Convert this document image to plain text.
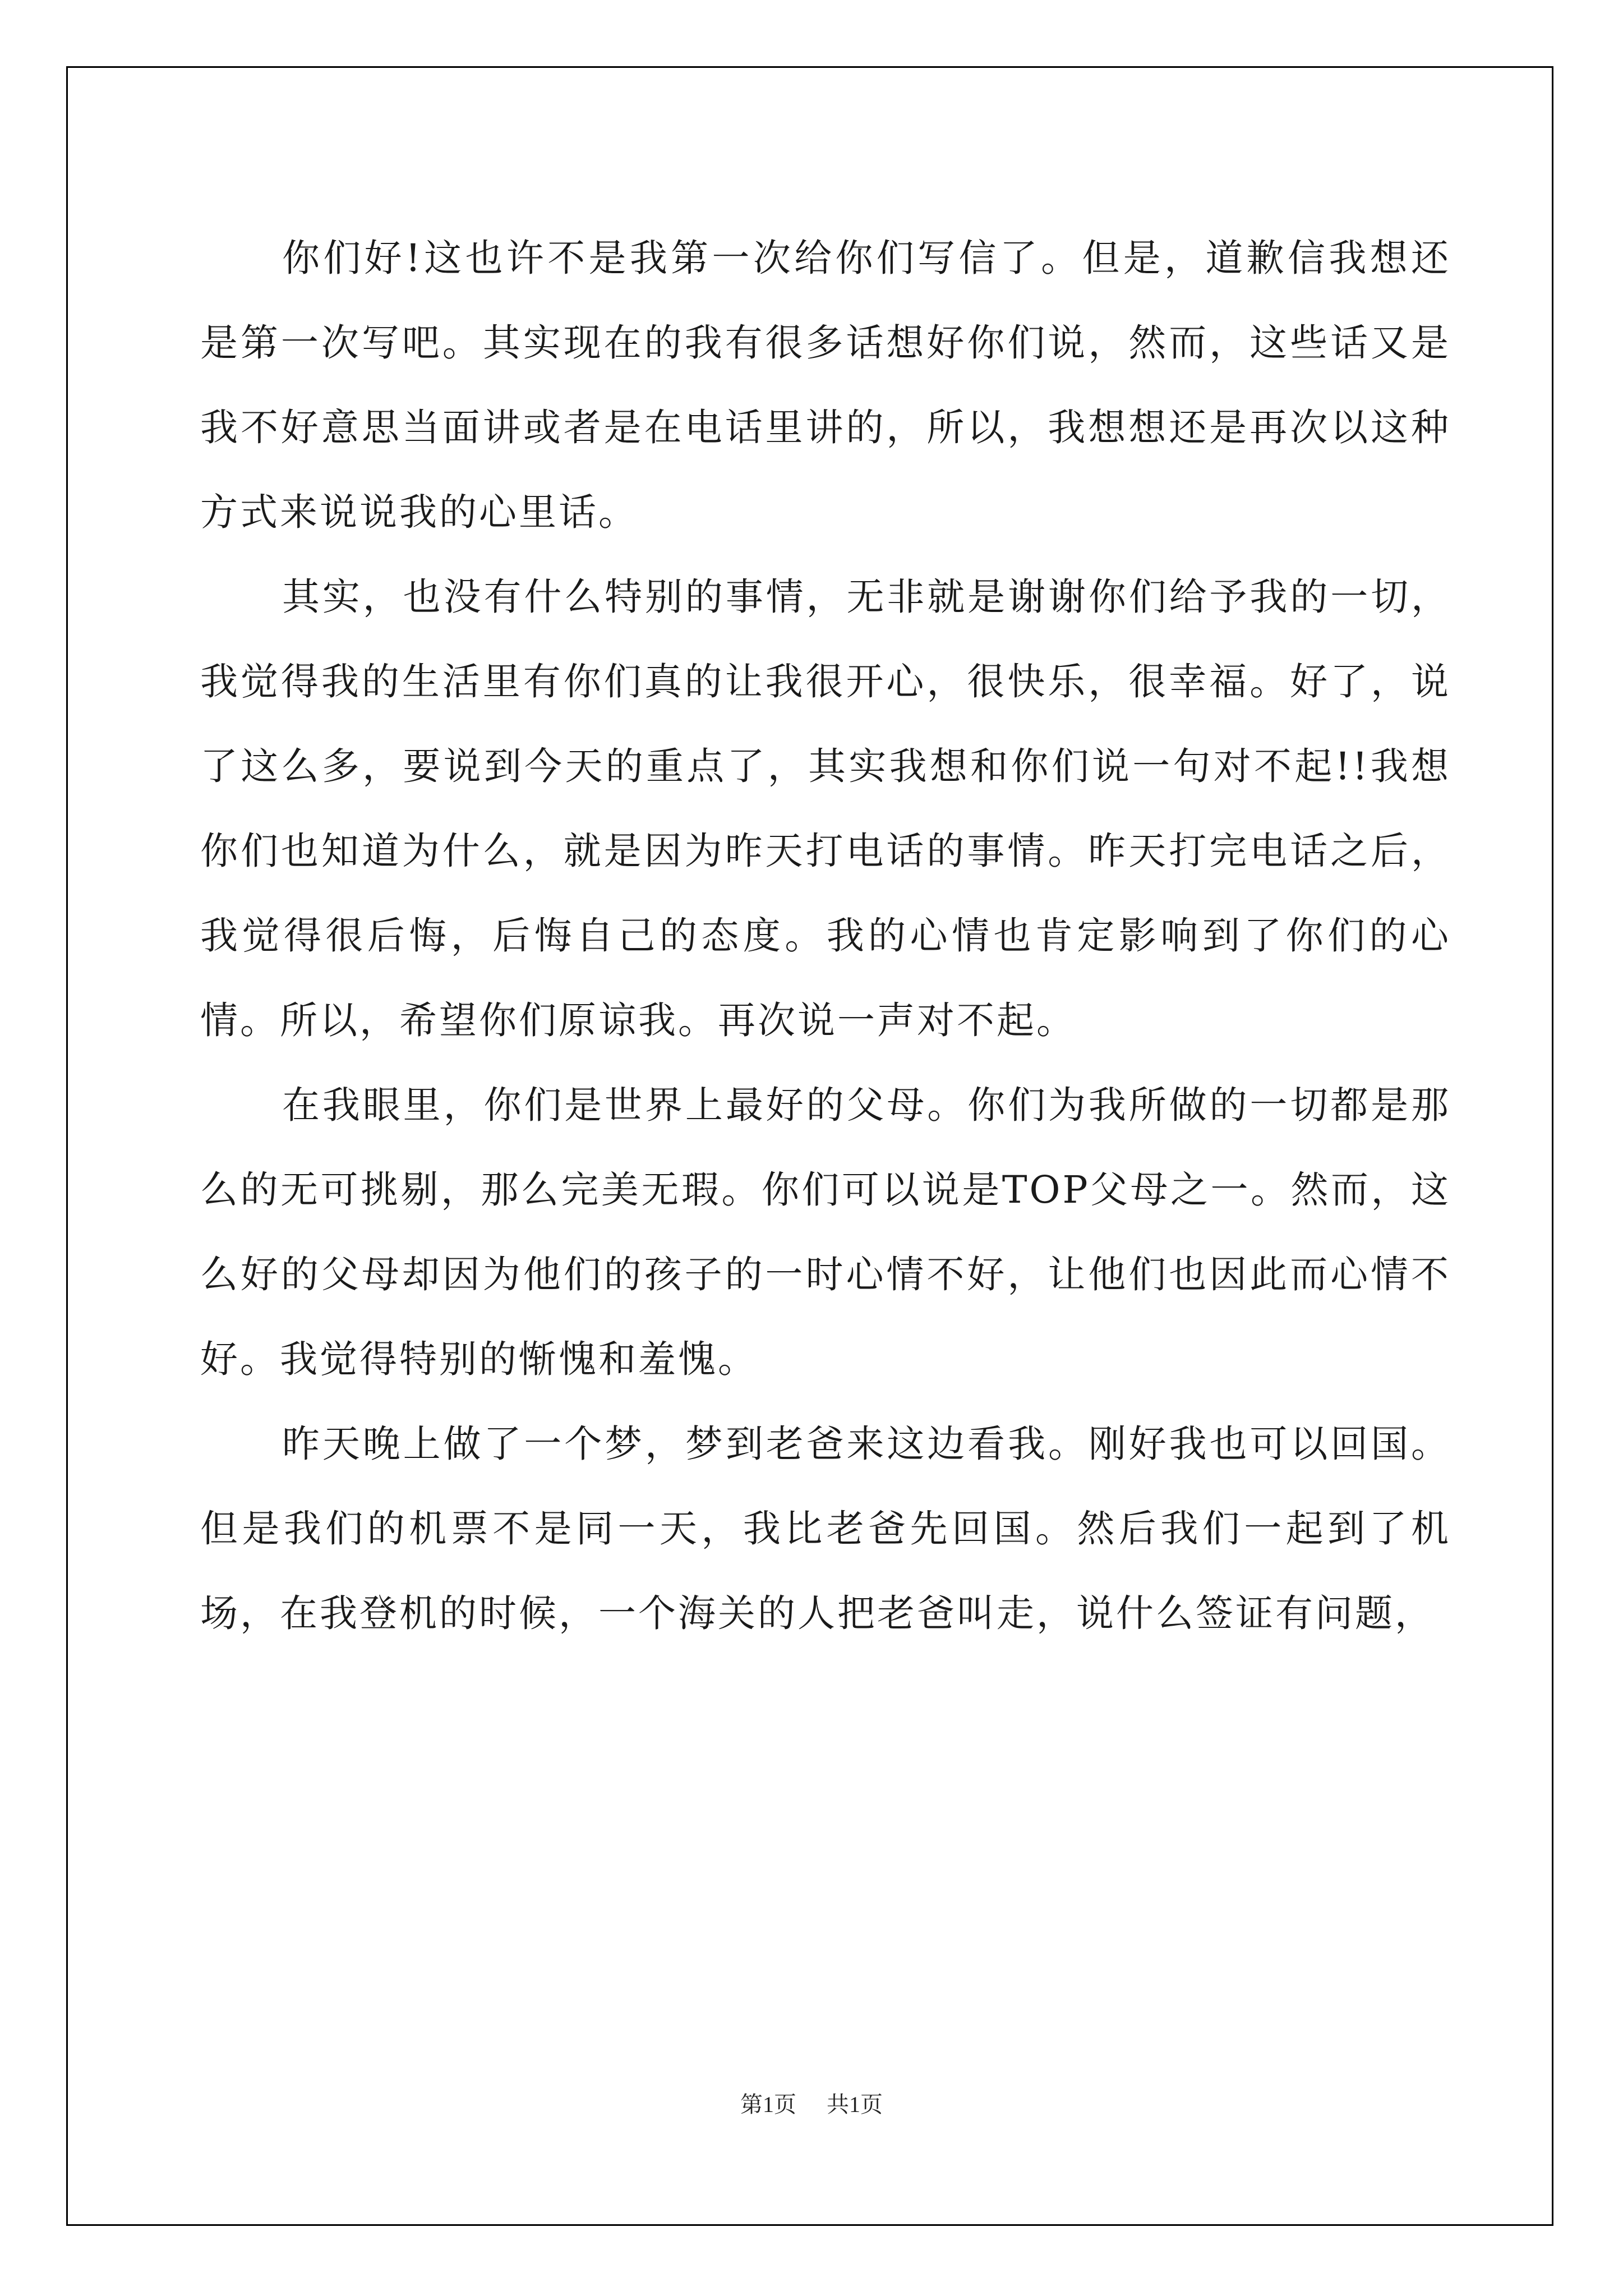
你们好!这也许不是我第一次给你们写信了。但是，道歉信我想还是第一次写吧。其实现在的我有很多话想好你们说，然而，这些话又是我不好意思当面讲或者是在电话里讲的，所以，我想想还是再次以这种方式来说说我的心里话。

其实，也没有什么特别的事情，无非就是谢谢你们给予我的一切，我觉得我的生活里有你们真的让我很开心，很快乐，很幸福。好了，说了这么多，要说到今天的重点了，其实我想和你们说一句对不起!!我想你们也知道为什么，就是因为昨天打电话的事情。昨天打完电话之后，我觉得很后悔，后悔自己的态度。我的心情也肯定影响到了你们的心情。所以，希望你们原谅我。再次说一声对不起。

在我眼里，你们是世界上最好的父母。你们为我所做的一切都是那么的无可挑剔，那么完美无瑕。你们可以说是TOP父母之一。然而，这么好的父母却因为他们的孩子的一时心情不好，让他们也因此而心情不好。我觉得特别的惭愧和羞愧。

昨天晚上做了一个梦，梦到老爸来这边看我。刚好我也可以回国。但是我们的机票不是同一天，我比老爸先回国。然后我们一起到了机场，在我登机的时候，一个海关的人把老爸叫走，说什么签证有问题，

第1页 共1页
